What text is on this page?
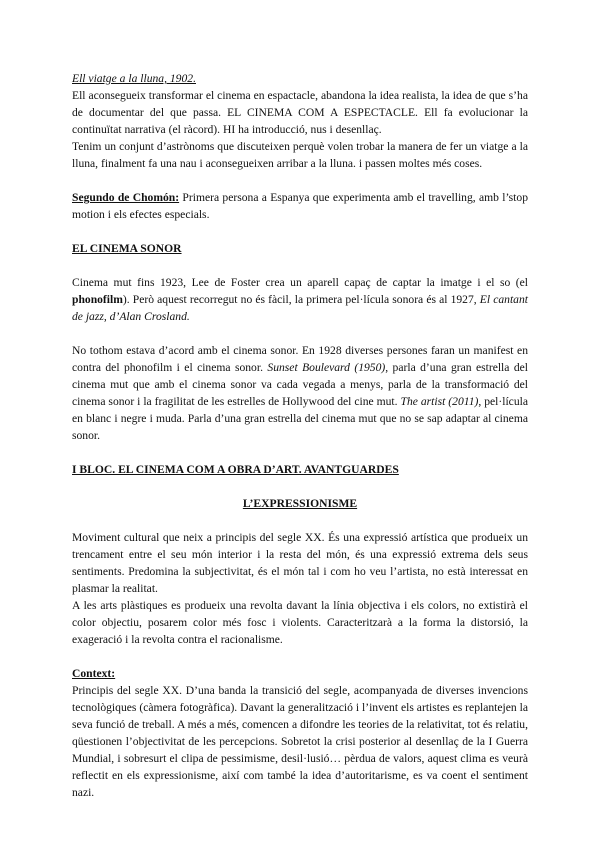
Ell viatge a la lluna, 1902.

Ell aconsegueix transformar el cinema en espactacle, abandona la idea realista, la idea de que s’ha de documentar del que passa. EL CINEMA COM A ESPECTACLE. Ell fa evolucionar la continuïtat narrativa (el ràcord). HI ha introducció, nus i desenllaç.

Tenim un conjunt d’astrònoms que discuteixen perquè volen trobar la manera de fer un viatge a la lluna, finalment fa una nau i aconsegueixen arribar a la lluna. i passen moltes més coses.

Segundo de Chomón: Primera persona a Espanya que experimenta amb el travelling, amb l’stop motion i els efectes especials.

EL CINEMA SONOR

Cinema mut fins 1923, Lee de Foster crea un aparell capaç de captar la imatge i el so (el phonofilm). Però aquest recorregut no és fàcil, la primera pel·lícula sonora és al 1927, El cantant de jazz, d’Alan Crosland.

No tothom estava d’acord amb el cinema sonor. En 1928 diverses persones faran un manifest en contra del phonofilm i el cinema sonor. Sunset Boulevard (1950), parla d’una gran estrella del cinema mut que amb el cinema sonor va cada vegada a menys, parla de la transformació del cinema sonor i la fragilitat de les estrelles de Hollywood del cine mut. The artist (2011), pel·lícula en blanc i negre i muda. Parla d’una gran estrella del cinema mut que no se sap adaptar al cinema sonor.

I BLOC. EL CINEMA COM A OBRA D’ART. AVANTGUARDES

L’EXPRESSIONISME

Moviment cultural que neix a principis del segle XX. És una expressió artística que produeix un trencament entre el seu món interior i la resta del món, és una expressió extrema dels seus sentiments. Predomina la subjectivitat, és el món tal i com ho veu l’artista, no està interessat en plasmar la realitat.

A les arts plàstiques es produeix una revolta davant la línia objectiva i els colors, no extistirà el color objectiu, posarem color més fosc i violents. Caracteritzarà a la forma la distorsió, la exageració i la revolta contra el racionalisme.

Context:

Principis del segle XX. D’una banda la transició del segle, acompanyada de diverses invencions tecnològiques (càmera fotogràfica). Davant la generalització i l’invent els artistes es replantejen la seva funció de treball. A més a més, comencen a difondre les teories de la relativitat, tot és relatiu, qüestionen l’objectivitat de les percepcions. Sobretot la crisi posterior al desenllaç de la I Guerra Mundial, i sobresurt el clipa de pessimisme, desil·lusió… pèrdua de valors, aquest clima es veurà reflectit en els expressionisme, així com també la idea d’autoritarisme, es va coent el sentiment nazi.
